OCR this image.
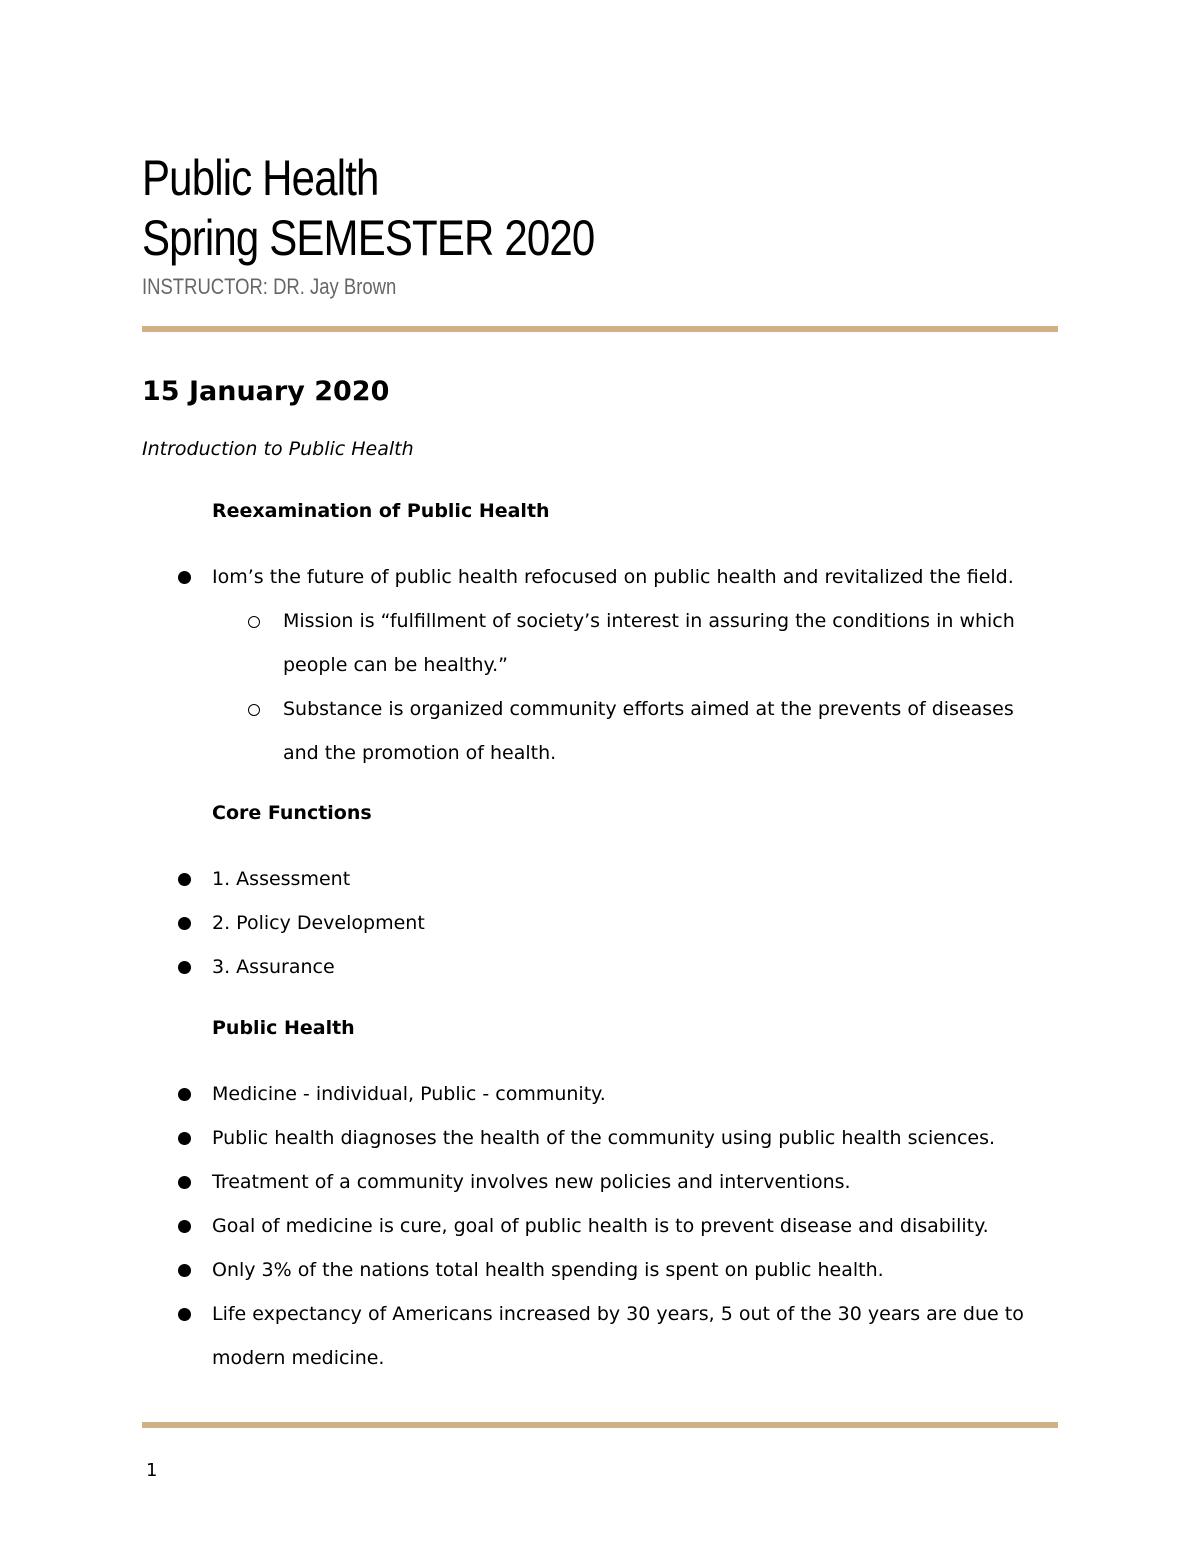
Public Health
Spring SEMESTER 2020
INSTRUCTOR: DR. Jay Brown
15 January 2020
Introduction to Public Health
Reexamination of Public Health
Iom’s the future of public health refocused on public health and revitalized the field.
Mission is “fulfillment of society’s interest in assuring the conditions in which people can be healthy.”
Substance is organized community efforts aimed at the prevents of diseases and the promotion of health.
Core Functions
1. Assessment
2. Policy Development
3. Assurance
Public Health
Medicine - individual, Public - community.
Public health diagnoses the health of the community using public health sciences.
Treatment of a community involves new policies and interventions.
Goal of medicine is cure, goal of public health is to prevent disease and disability.
Only 3% of the nations total health spending is spent on public health.
Life expectancy of Americans increased by 30 years, 5 out of the 30 years are due to modern medicine.
1
